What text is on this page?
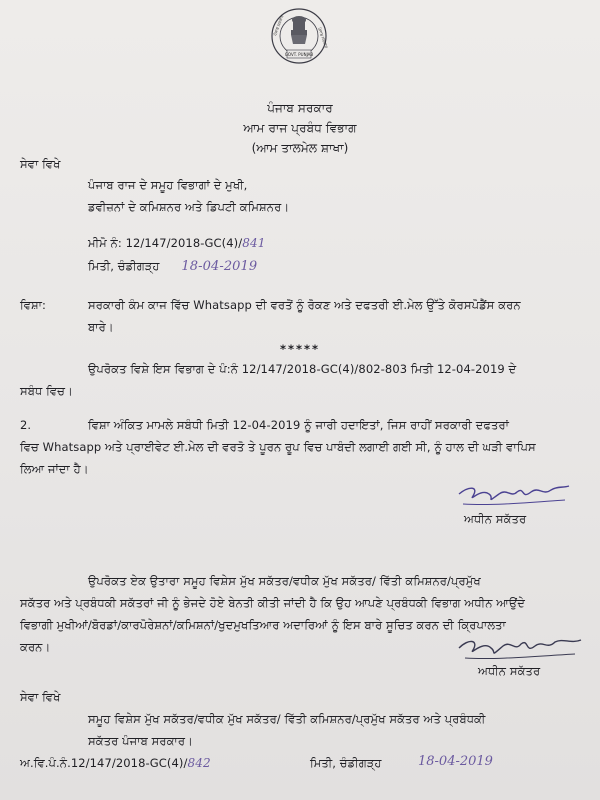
GOVT. PUNJAB
ਪੰਜਾਬ ਸਰਕਾਰ
ਪੰਜਾਬ ਸਰਕਾਰ
ਪੰਜਾਬ ਸਰਕਾਰ
ਆਮ ਰਾਜ ਪ੍ਰਬੰਧ ਵਿਭਾਗ
(ਆਮ ਤਾਲਮੇਲ ਸ਼ਾਖਾ)
ਸੇਵਾ ਵਿਖੇ
ਪੰਜਾਬ ਰਾਜ ਦੇ ਸਮੂਹ ਵਿਭਾਗਾਂ ਦੇ ਮੁਖੀ,
ਡਵੀਜ਼ਨਾਂ ਦੇ ਕਮਿਸ਼ਨਰ ਅਤੇ ਡਿਪਟੀ ਕਮਿਸ਼ਨਰ।
ਮੀਮੋ ਨੰ: 12/147/2018-GC(4)/841
ਮਿਤੀ, ਚੰਡੀਗੜ੍ਹ 18-04-2019
ਵਿਸ਼ਾ:	ਸਰਕਾਰੀ ਕੰਮ ਕਾਜ ਵਿੱਚ Whatsapp ਦੀ ਵਰਤੋਂ ਨੂੰ ਰੋਕਣ ਅਤੇ ਦਫਤਰੀ ਈ.ਮੇਲ ਉੱਤੇ ਕੋਰਸਪੋਡੈਂਸ ਕਰਨ
ਬਾਰੇ।
*****
ਉਪਰੋਕਤ ਵਿਸ਼ੇ ਇਸ ਵਿਭਾਗ ਦੇ ਪੰ:ਨੰ 12/147/2018-GC(4)/802-803 ਮਿਤੀ 12-04-2019 ਦੇ
ਸਬੰਧ ਵਿਚ।
2.	ਵਿਸ਼ਾ ਅੰਕਿਤ ਮਾਮਲੇ ਸਬੰਧੀ ਮਿਤੀ 12-04-2019 ਨੂੰ ਜਾਰੀ ਹਦਾਇਤਾਂ, ਜਿਸ ਰਾਹੀਂ ਸਰਕਾਰੀ ਦਫਤਰਾਂ
ਵਿਚ Whatsapp ਅਤੇ ਪ੍ਰਾਈਵੇਟ ਈ.ਮੇਲ ਦੀ ਵਰਤੋ ਤੇ ਪੂਰਨ ਰੂਪ ਵਿਚ ਪਾਬੰਦੀ ਲਗਾਈ ਗਈ ਸੀ, ਨੂੰ ਹਾਲ ਦੀ ਘੜੀ ਵਾਪਿਸ
ਲਿਆ ਜਾਂਦਾ ਹੈ।
ਅਧੀਨ ਸਕੱਤਰ
ਉਪਰੋਕਤ ਏਕ ਉਤਾਰਾ ਸਮੂਹ ਵਿਸ਼ੇਸ ਮੁੱਖ ਸਕੱਤਰ/ਵਧੀਕ ਮੁੱਖ ਸਕੱਤਰ/ ਵਿੱਤੀ ਕਮਿਸ਼ਨਰ/ਪ੍ਰਮੁੱਖ
ਸਕੱਤਰ ਅਤੇ ਪ੍ਰਬੰਧਕੀ ਸਕੱਤਰਾਂ ਜੀ ਨੂੰ ਭੇਜਦੇ ਹੋਏ ਬੇਨਤੀ ਕੀਤੀ ਜਾਂਦੀ ਹੈ ਕਿ ਉਹ ਆਪਣੇ ਪ੍ਰਬੰਧਕੀ ਵਿਭਾਗ ਅਧੀਨ ਆਉਂਦੇ
ਵਿਭਾਗੀ ਮੁਖੀਆਂ/ਬੋਰਡਾਂ/ਕਾਰਪੋਰੇਸ਼ਨਾਂ/ਕਮਿਸ਼ਨਾਂ/ਖੁਦਮੁਖਤਿਆਰ ਅਦਾਰਿਆਂ ਨੂੰ ਇਸ ਬਾਰੇ ਸੂਚਿਤ ਕਰਨ ਦੀ ਕ੍ਰਿਪਾਲਤਾ
ਕਰਨ।
ਅਧੀਨ ਸਕੱਤਰ
ਸੇਵਾ ਵਿਖੇ
ਸਮੂਹ ਵਿਸ਼ੇਸ ਮੁੱਖ ਸਕੱਤਰ/ਵਧੀਕ ਮੁੱਖ ਸਕੱਤਰ/ ਵਿੱਤੀ ਕਮਿਸ਼ਨਰ/ਪ੍ਰਮੁੱਖ ਸਕੱਤਰ ਅਤੇ ਪ੍ਰਬੰਧਕੀ
ਸਕੱਤਰ ਪੰਜਾਬ ਸਰਕਾਰ।
ਅ.ਵਿ.ਪੰ.ਨੰ.12/147/2018-GC(4)/842	ਮਿਤੀ, ਚੰਡੀਗੜ੍ਹ	18-04-2019
